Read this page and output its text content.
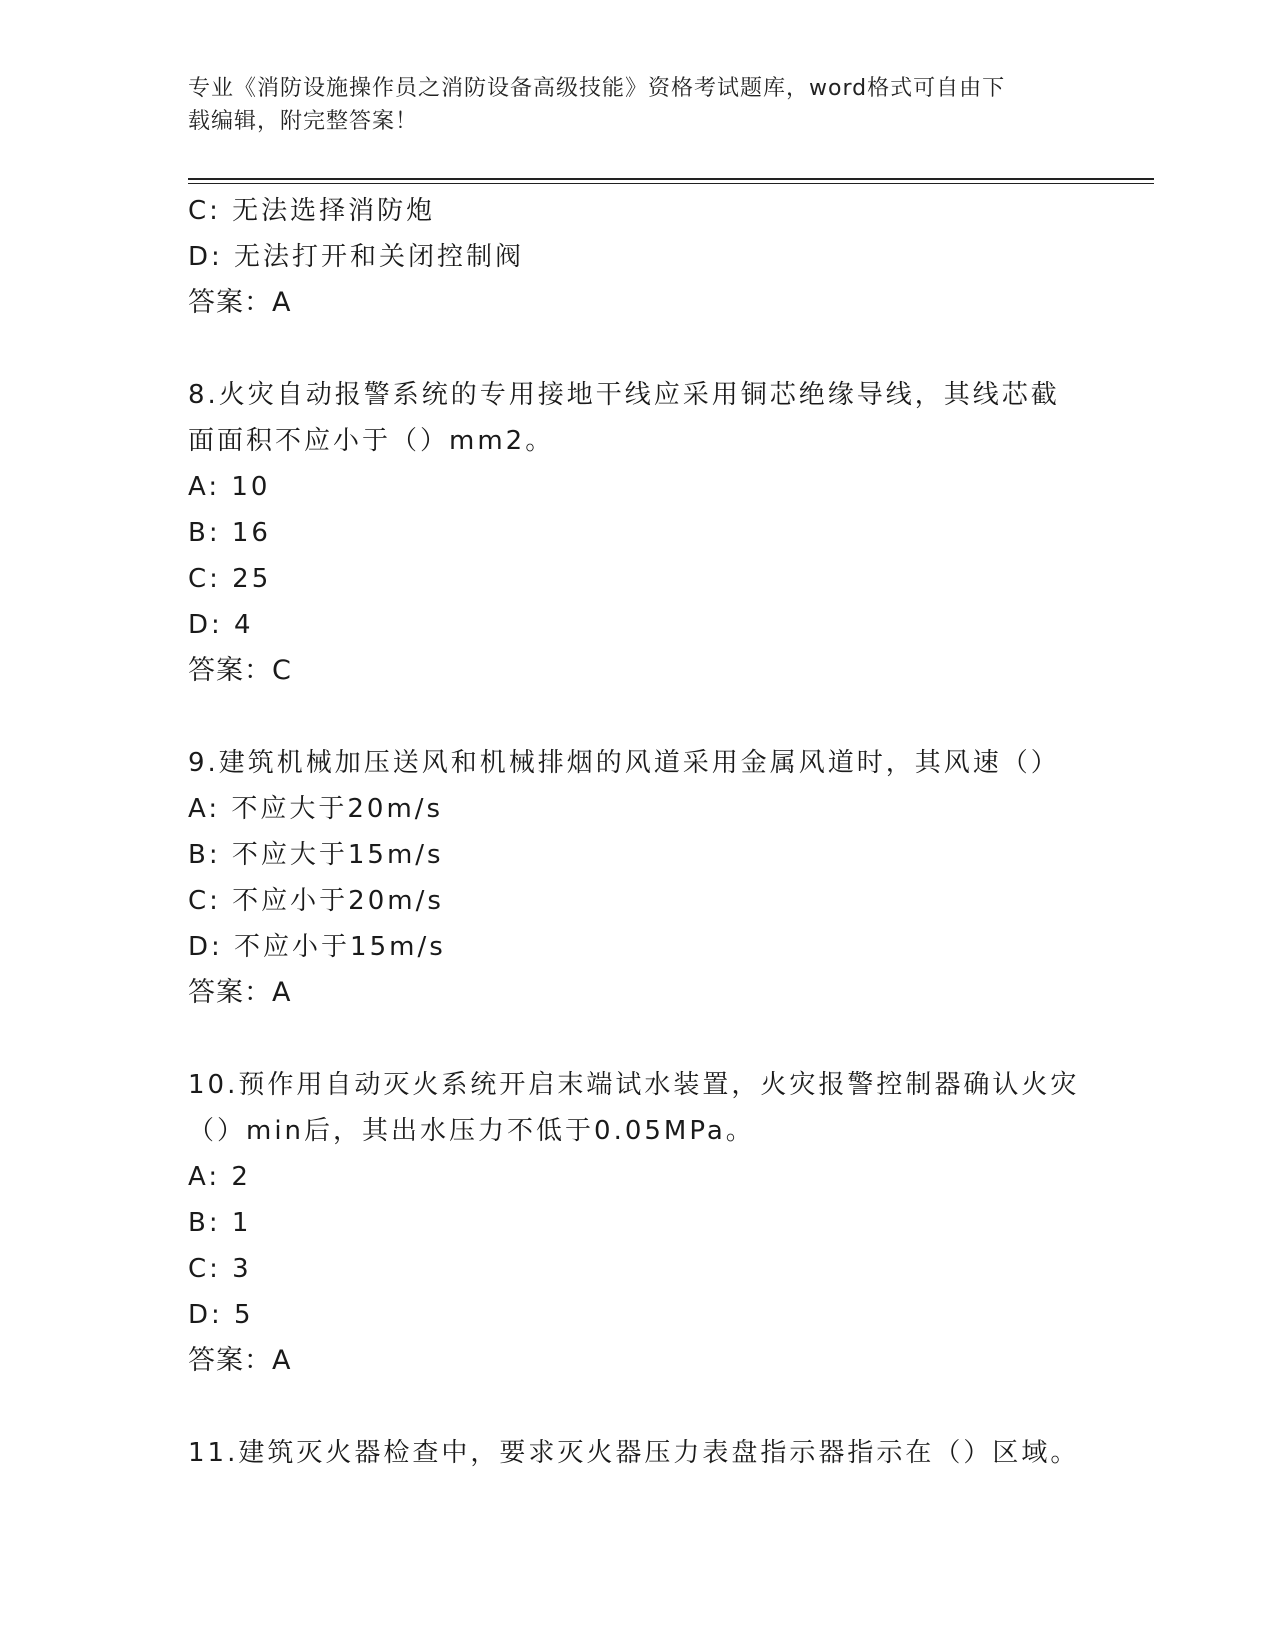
专业《消防设施操作员之消防设备高级技能》资格考试题库，word格式可自由下
载编辑，附完整答案！
C: 无法选择消防炮
D: 无法打开和关闭控制阀
答案：A
8.火灾自动报警系统的专用接地干线应采用铜芯绝缘导线，其线芯截
面面积不应小于（）mm2。
A: 10
B: 16
C: 25
D: 4
答案：C
9.建筑机械加压送风和机械排烟的风道采用金属风道时，其风速（）
A: 不应大于20m/s
B: 不应大于15m/s
C: 不应小于20m/s
D: 不应小于15m/s
答案：A
10.预作用自动灭火系统开启末端试水装置，火灾报警控制器确认火灾
（）min后，其出水压力不低于0.05MPa。
A: 2
B: 1
C: 3
D: 5
答案：A
11.建筑灭火器检查中，要求灭火器压力表盘指示器指示在（）区域。
